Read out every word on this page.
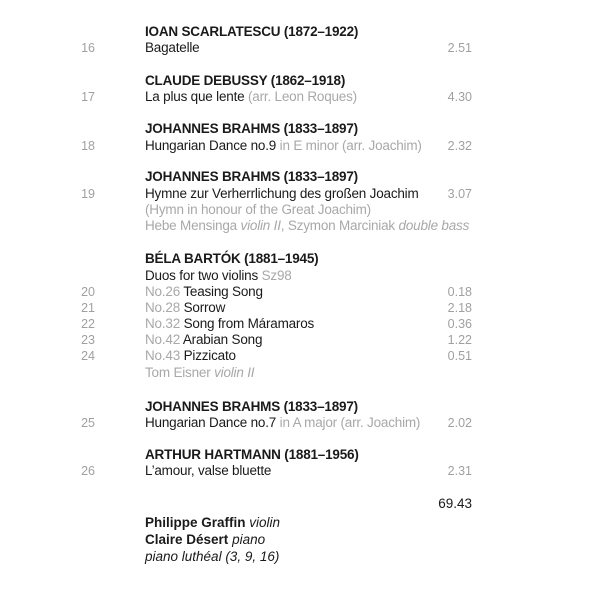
IOAN SCARLATESCU (1872–1922)
16	Bagatelle	2.51
CLAUDE DEBUSSY (1862–1918)
17	La plus que lente (arr. Leon Roques)	4.30
JOHANNES BRAHMS (1833–1897)
18	Hungarian Dance no.9 in E minor (arr. Joachim)	2.32
JOHANNES BRAHMS (1833–1897)
19	Hymne zur Verherrlichung des großen Joachim	3.07
(Hymn in honour of the Great Joachim)
Hebe Mensinga violin II, Szymon Marciniak double bass
BÉLA BARTÓK (1881–1945)
Duos for two violins Sz98
20	No.26 Teasing Song	0.18
21	No.28 Sorrow	2.18
22	No.32 Song from Máramaros	0.36
23	No.42 Arabian Song	1.22
24	No.43 Pizzicato	0.51
Tom Eisner violin II
JOHANNES BRAHMS (1833–1897)
25	Hungarian Dance no.7 in A major (arr. Joachim)	2.02
ARTHUR HARTMANN (1881–1956)
26	L’amour, valse bluette	2.31
69.43
Philippe Graffin violin
Claire Désert piano
piano luthéal (3, 9, 16)
